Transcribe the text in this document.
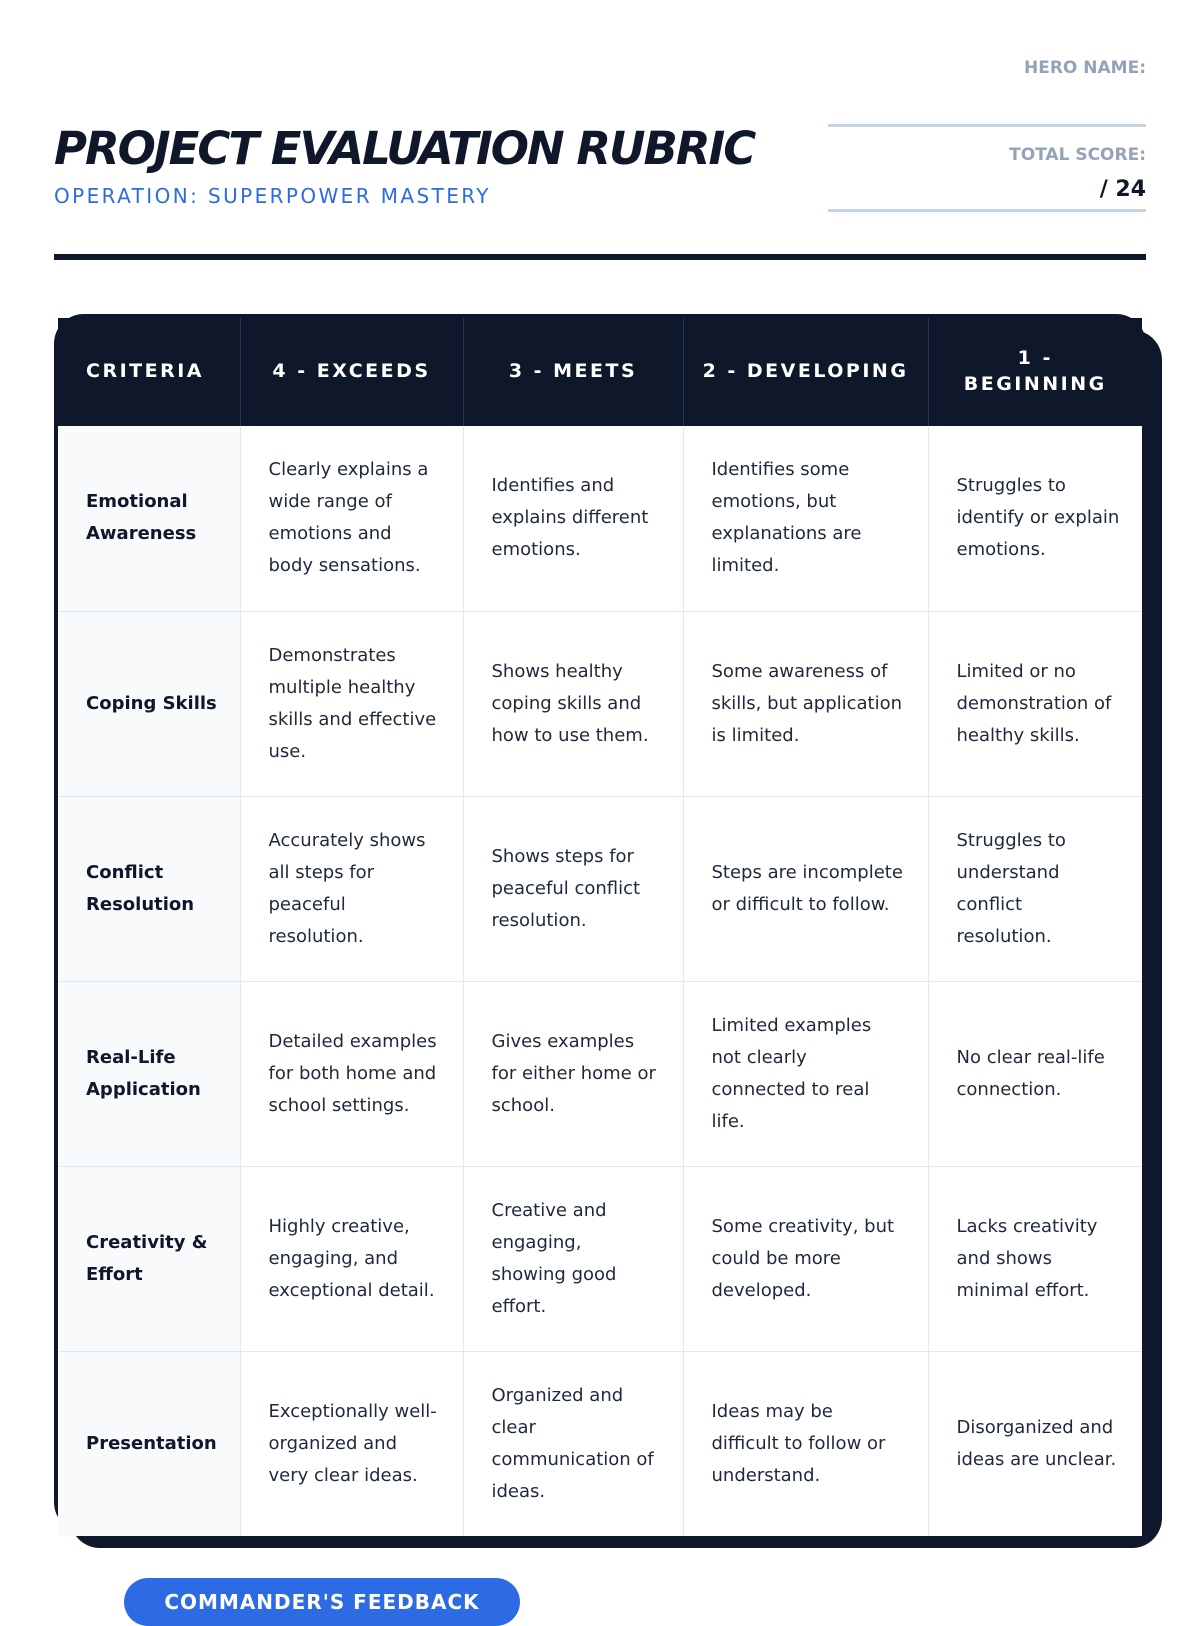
PROJECT EVALUATION RUBRIC
OPERATION: SUPERPOWER MASTERY
HERO NAME:
TOTAL SCORE:
/ 24
CRITERIA	4 - EXCEEDS	3 - MEETS	2 - DEVELOPING	1 - BEGINNING
Emotional Awareness	Clearly explains a wide range of emotions and body sensations.	Identifies and explains different emotions.	Identifies some emotions, but explanations are limited.	Struggles to identify or explain emotions.
Coping Skills	Demonstrates multiple healthy skills and effective use.	Shows healthy coping skills and how to use them.	Some awareness of skills, but application is limited.	Limited or no demonstration of healthy skills.
Conflict Resolution	Accurately shows all steps for peaceful resolution.	Shows steps for peaceful conflict resolution.	Steps are incomplete or difficult to follow.	Struggles to understand conflict resolution.
Real-Life Application	Detailed examples for both home and school settings.	Gives examples for either home or school.	Limited examples not clearly connected to real life.	No clear real-life connection.
Creativity & Effort	Highly creative, engaging, and exceptional detail.	Creative and engaging, showing good effort.	Some creativity, but could be more developed.	Lacks creativity and shows minimal effort.
Presentation	Exceptionally well-organized and very clear ideas.	Organized and clear communication of ideas.	Ideas may be difficult to follow or understand.	Disorganized and ideas are unclear.
COMMANDER'S FEEDBACK
